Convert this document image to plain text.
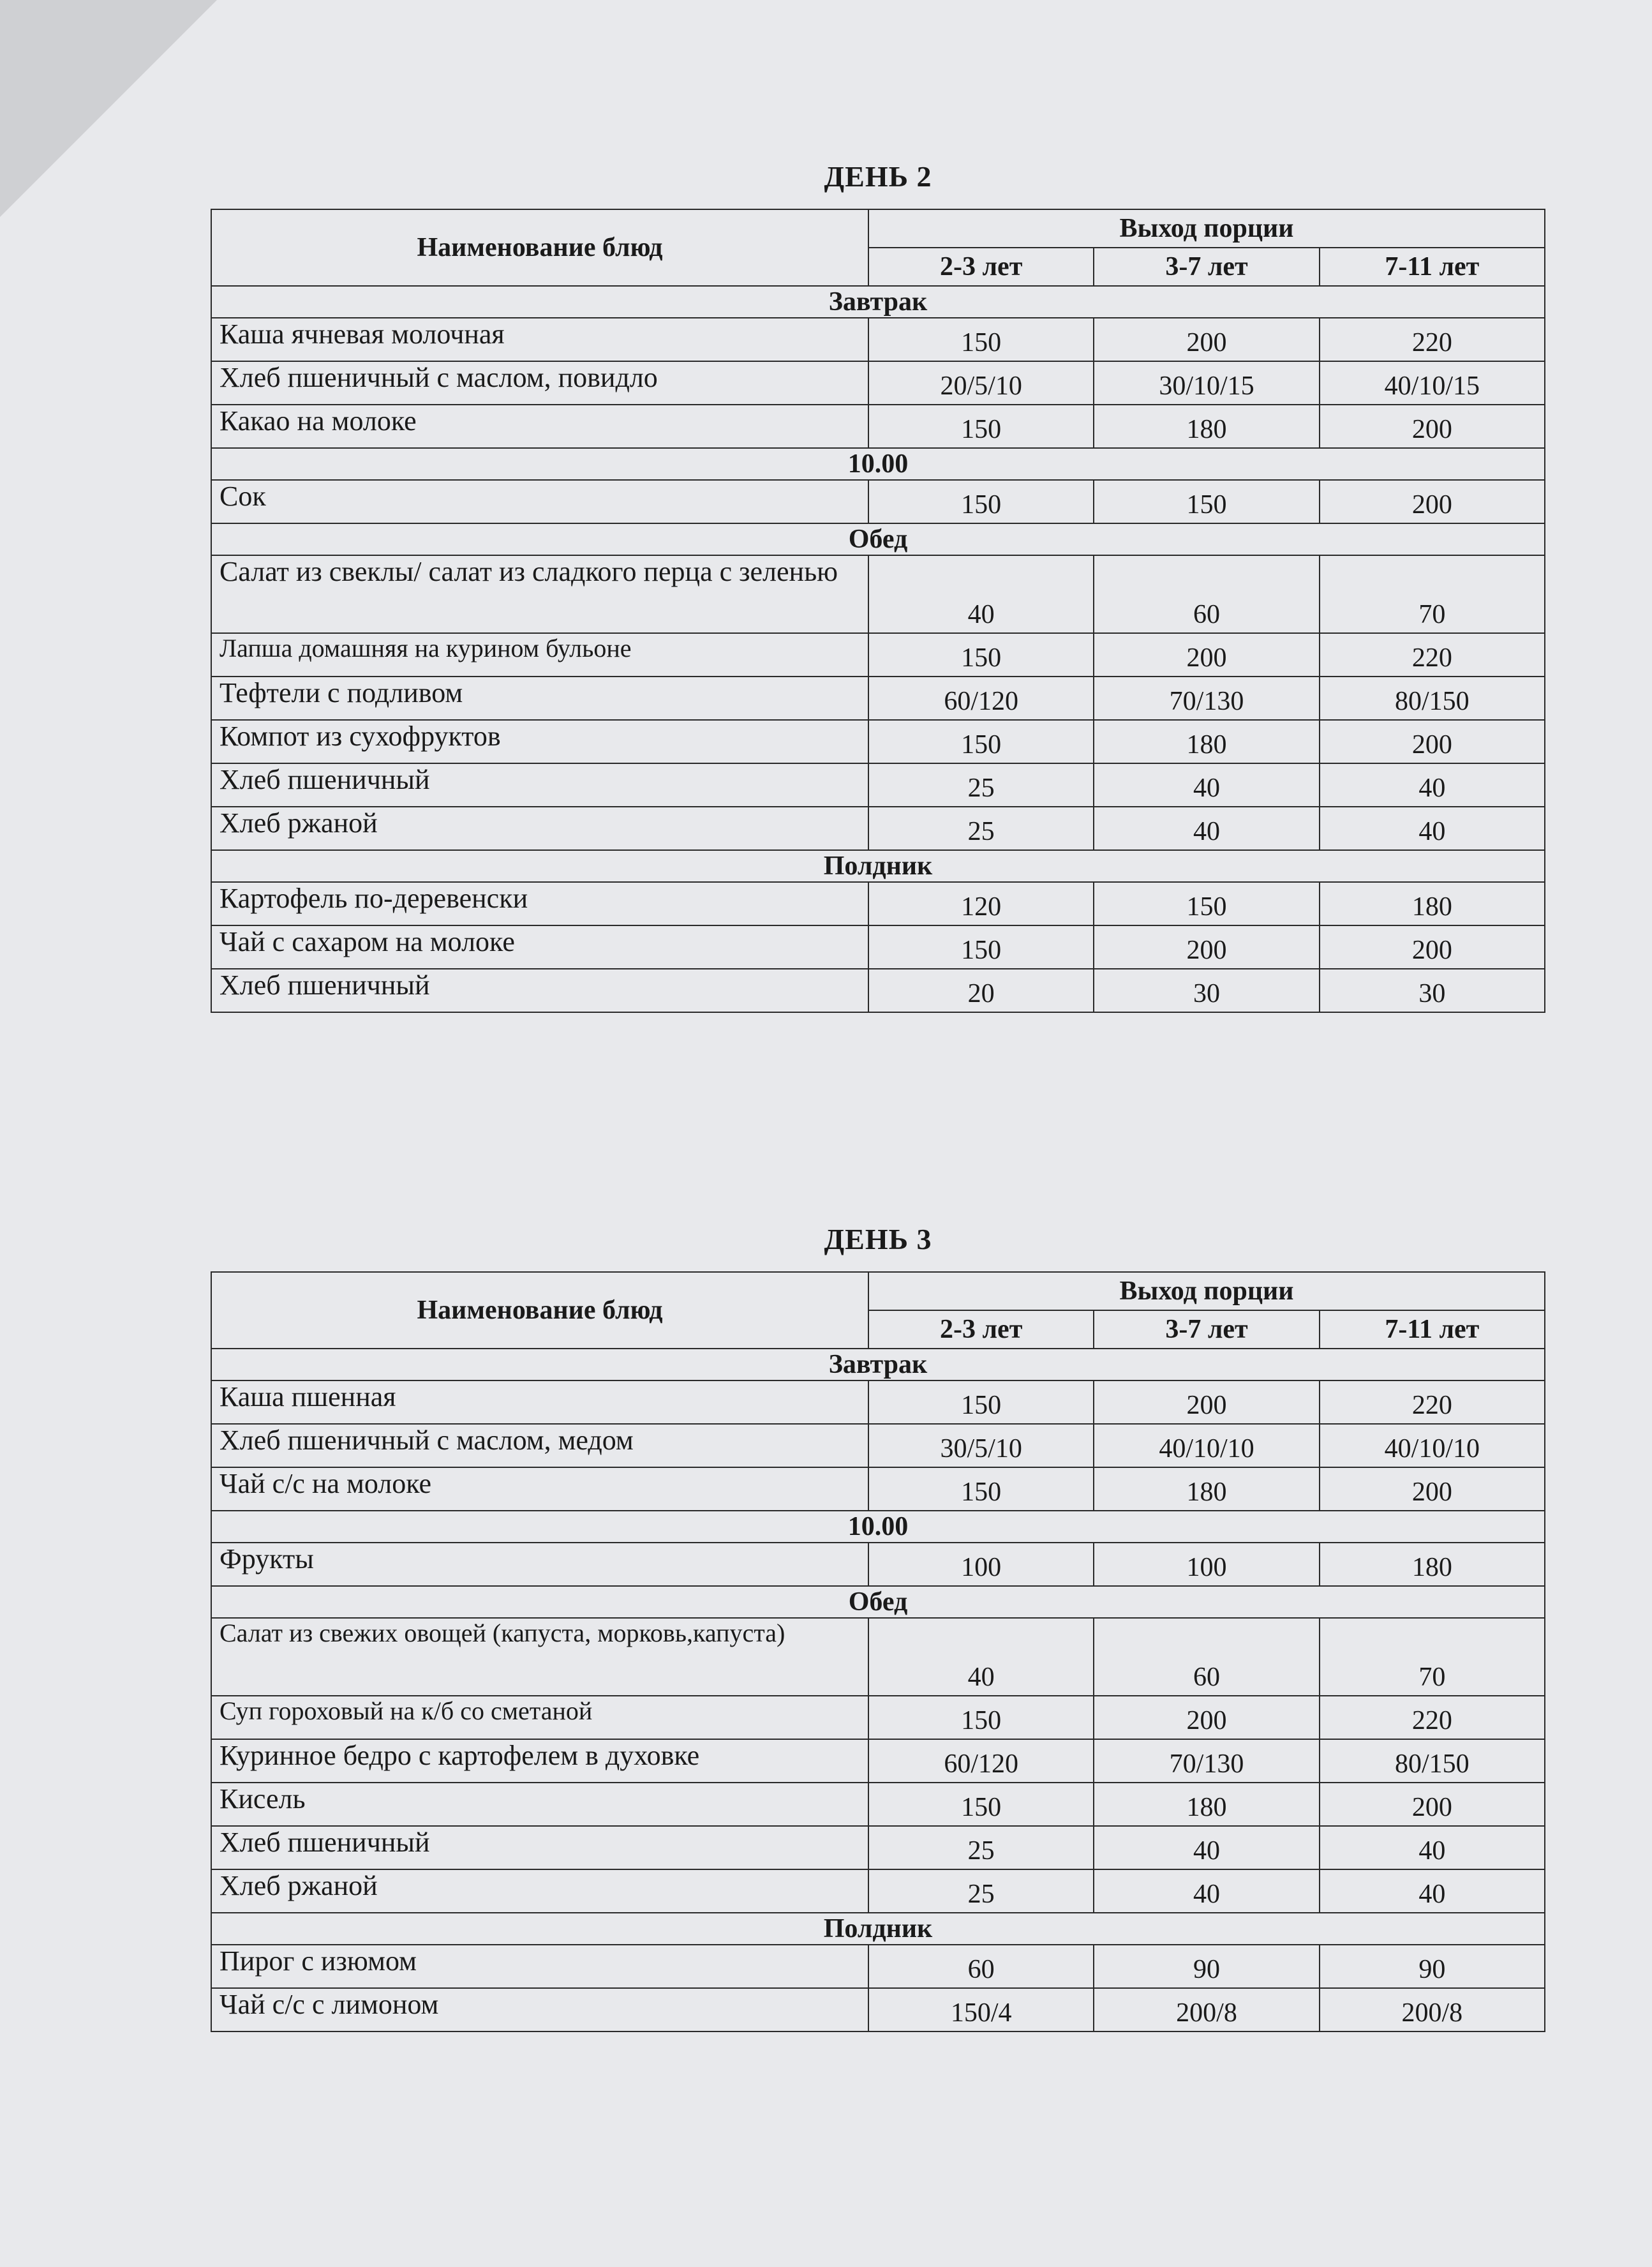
ДЕНЬ 2
Наименование блюд	Выход порции		
	2-3 лет	3-7 лет	7-11 лет
Завтрак			
Каша ячневая молочная	150	200	220
Хлеб пшеничный с маслом, повидло	20/5/10	30/10/15	40/10/15
Какао на молоке	150	180	200
10.00			
Сок	150	150	200
Обед			
Салат из свеклы/ салат из сладкого перца с зеленью	40	60	70
Лапша домашняя на курином бульоне	150	200	220
Тефтели с подливом	60/120	70/130	80/150
Компот из сухофруктов	150	180	200
Хлеб пшеничный	25	40	40
Хлеб ржаной	25	40	40
Полдник			
Картофель по-деревенски	120	150	180
Чай с сахаром на молоке	150	200	200
Хлеб пшеничный	20	30	30
ДЕНЬ 3
Наименование блюд	Выход порции		
	2-3 лет	3-7 лет	7-11 лет
Завтрак			
Каша пшенная	150	200	220
Хлеб пшеничный с маслом, медом	30/5/10	40/10/10	40/10/10
Чай с/с на молоке	150	180	200
10.00			
Фрукты	100	100	180
Обед			
Салат из свежих овощей (капуста, морковь,капуста)	40	60	70
Суп гороховый на к/б со сметаной	150	200	220
Куринное бедро с картофелем в духовке	60/120	70/130	80/150
Кисель	150	180	200
Хлеб пшеничный	25	40	40
Хлеб ржаной	25	40	40
Полдник			
Пирог с изюмом	60	90	90
Чай с/с с лимоном	150/4	200/8	200/8
